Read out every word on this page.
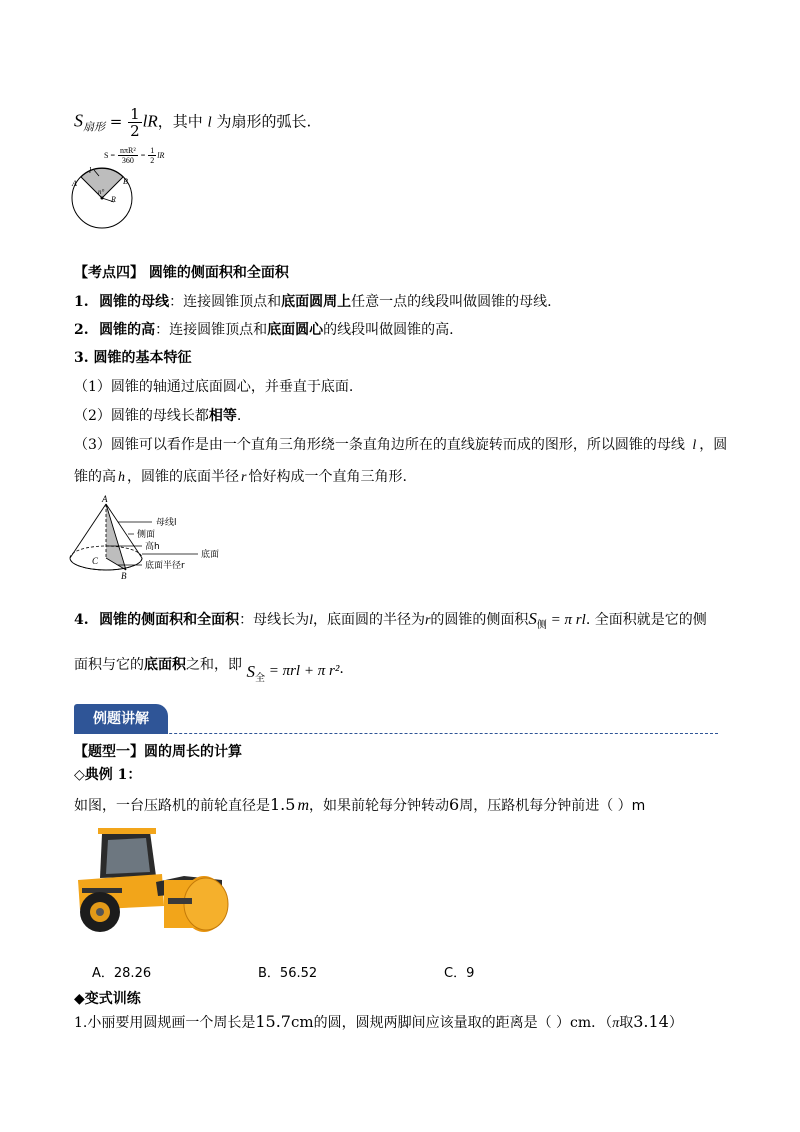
$S_{扇形} = \frac{1}{2}$ lR，其中 l 为扇形的弧长.
l
A	B
n°
R
$S = \frac{\text{nπR²}}{360} = \frac{1}{2}$ lR
【考点四】 圆锥的侧面积和全面积
1. 圆锥的母线：连接圆锥顶点和底面圆周上任意一点的线段叫做圆锥的母线.
2. 圆锥的高：连接圆锥顶点和底面圆心的线段叫做圆锥的高.
3. 圆锥的基本特征
（1）圆锥的轴通过底面圆心，并垂直于底面.
（2）圆锥的母线长都相等.
（3）圆锥可以看作是由一个直角三角形绕一条直角边所在的直线旋转而成的图形，所以圆锥的母线 l ，圆
锥的高 h ，圆锥的底面半径 r 恰好构成一个直角三角形.
A
C
B
母线l
侧面
高h
底面
底面半径r
4. 圆锥的侧面积和全面积：母线长为l，底面圆的半径为r的圆锥的侧面积$S_侧 = \pi$ rl. 全面积就是它的侧
面积与它的底面积之和，即 $S_全 = \pi rl + \pi$ r².
例题讲解
【题型一】圆的周长的计算
◇典例 1：
如图，一台压路机的前轮直径是1.5 m，如果前轮每分钟转动6周，压路机每分钟前进（ ）m
A．28.26	B．56.52	C．9
◆变式训练
1.小丽要用圆规画一个周长是15.7cm的圆，圆规两脚间应该量取的距离是（ ）cm．（π取3.14）
